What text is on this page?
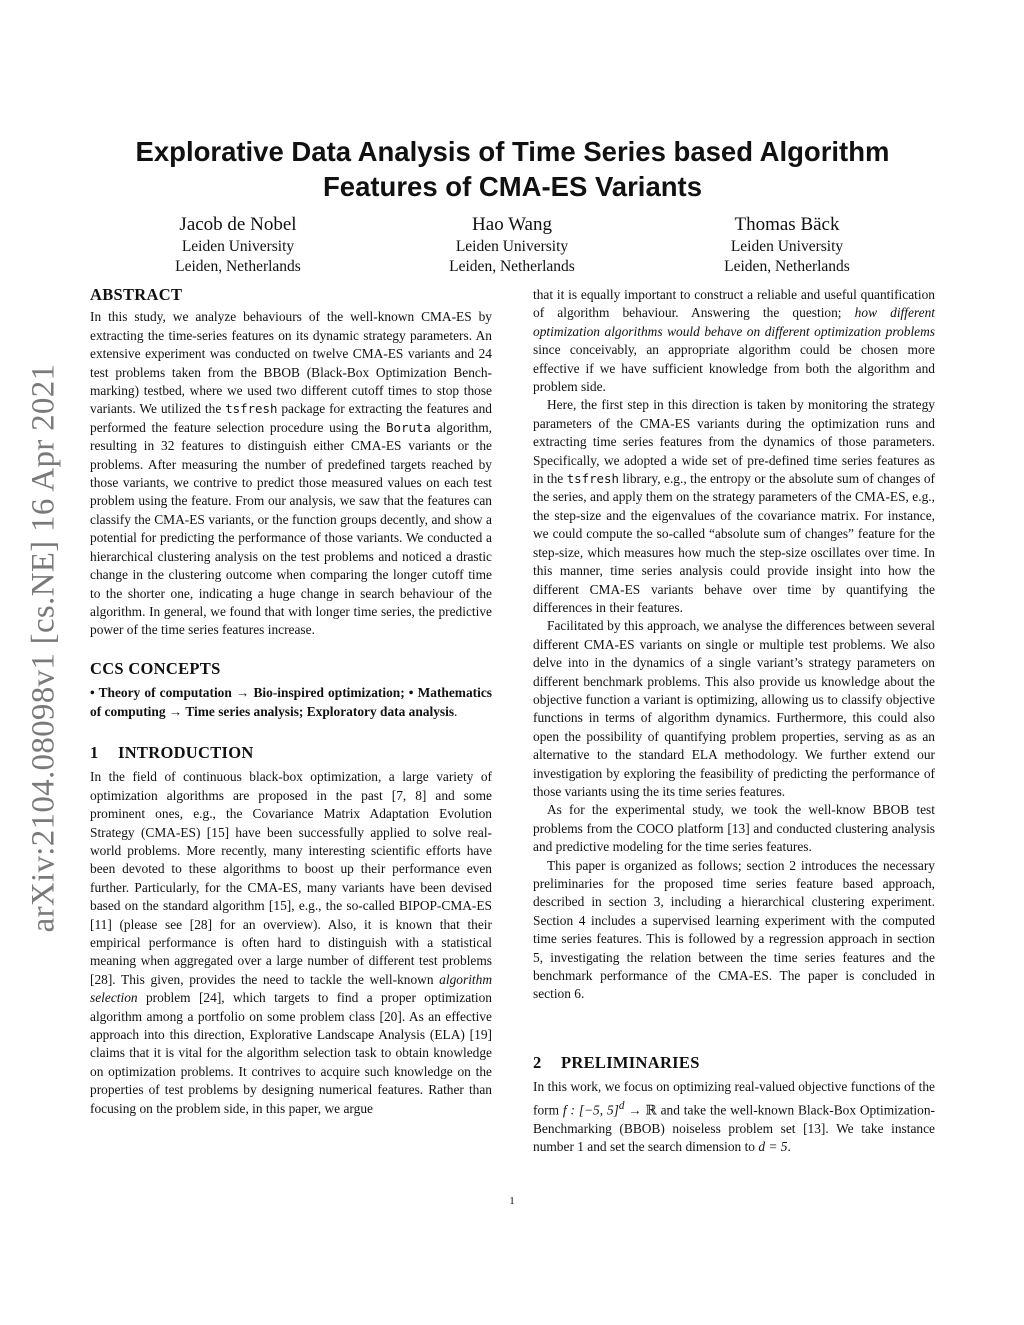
arXiv:2104.08098v1 [cs.NE] 16 Apr 2021
Explorative Data Analysis of Time Series based Algorithm
Features of CMA-ES Variants
Jacob de Nobel
Leiden University
Leiden, Netherlands
Hao Wang
Leiden University
Leiden, Netherlands
Thomas Bäck
Leiden University
Leiden, Netherlands
ABSTRACT

In this study, we analyze behaviours of the well-known CMA-ES by extracting the time-series features on its dynamic strategy parameters. An extensive experiment was conducted on twelve CMA-ES variants and 24 test problems taken from the BBOB (Black-Box Optimization Bench-marking) testbed, where we used two different cutoff times to stop those variants. We utilized the tsfresh package for extracting the features and performed the feature selection procedure using the Boruta algorithm, resulting in 32 features to distinguish either CMA-ES variants or the problems. After measuring the number of predefined targets reached by those variants, we contrive to predict those measured values on each test problem using the feature. From our analysis, we saw that the features can classify the CMA-ES variants, or the function groups decently, and show a potential for predicting the performance of those variants. We conducted a hierarchical clustering analysis on the test problems and noticed a drastic change in the clustering outcome when comparing the longer cutoff time to the shorter one, indicating a huge change in search behaviour of the algorithm. In general, we found that with longer time series, the predictive power of the time series features increase.

CCS CONCEPTS

• Theory of computation → Bio-inspired optimization; • Mathematics of computing → Time series analysis; Exploratory data analysis.

1 INTRODUCTION

In the field of continuous black-box optimization, a large variety of optimization algorithms are proposed in the past [7, 8] and some prominent ones, e.g., the Covariance Matrix Adaptation Evolution Strategy (CMA-ES) [15] have been successfully applied to solve real-world problems. More recently, many interesting scientific efforts have been devoted to these algorithms to boost up their performance even further. Particularly, for the CMA-ES, many variants have been devised based on the standard algorithm [15], e.g., the so-called BIPOP-CMA-ES [11] (please see [28] for an overview). Also, it is known that their empirical performance is often hard to distinguish with a statistical meaning when aggregated over a large number of different test problems [28]. This given, provides the need to tackle the well-known algorithm selection problem [24], which targets to find a proper optimization algorithm among a portfolio on some problem class [20]. As an effective approach into this direction, Explorative Landscape Analysis (ELA) [19] claims that it is vital for the algorithm selection task to obtain knowledge on optimization problems. It contrives to acquire such knowledge on the properties of test problems by designing numerical features. Rather than focusing on the problem side, in this paper, we argue

that it is equally important to construct a reliable and useful quantification of algorithm behaviour. Answering the question; how different optimization algorithms would behave on different optimization problems since conceivably, an appropriate algorithm could be chosen more effective if we have sufficient knowledge from both the algorithm and problem side.

Here, the first step in this direction is taken by monitoring the strategy parameters of the CMA-ES variants during the optimization runs and extracting time series features from the dynamics of those parameters. Specifically, we adopted a wide set of pre-defined time series features as in the tsfresh library, e.g., the entropy or the absolute sum of changes of the series, and apply them on the strategy parameters of the CMA-ES, e.g., the step-size and the eigenvalues of the covariance matrix. For instance, we could compute the so-called “absolute sum of changes” feature for the step-size, which measures how much the step-size oscillates over time. In this manner, time series analysis could provide insight into how the different CMA-ES variants behave over time by quantifying the differences in their features.

Facilitated by this approach, we analyse the differences between several different CMA-ES variants on single or multiple test problems. We also delve into in the dynamics of a single variant’s strategy parameters on different benchmark problems. This also provide us knowledge about the objective function a variant is optimizing, allowing us to classify objective functions in terms of algorithm dynamics. Furthermore, this could also open the possibility of quantifying problem properties, serving as as an alternative to the standard ELA methodology. We further extend our investigation by exploring the feasibility of predicting the performance of those variants using the its time series features.

As for the experimental study, we took the well-know BBOB test problems from the COCO platform [13] and conducted clustering analysis and predictive modeling for the time series features.

This paper is organized as follows; section 2 introduces the necessary preliminaries for the proposed time series feature based approach, described in section 3, including a hierarchical clustering experiment. Section 4 includes a supervised learning experiment with the computed time series features. This is followed by a regression approach in section 5, investigating the relation between the time series features and the benchmark performance of the CMA-ES. The paper is concluded in section 6.

2 PRELIMINARIES

In this work, we focus on optimizing real-valued objective functions of the form f : [−5, 5]$^d$ → ℝ and take the well-known Black-Box Optimization-Benchmarking (BBOB) noiseless problem set [13]. We take instance number 1 and set the search dimension to d = 5.

1
